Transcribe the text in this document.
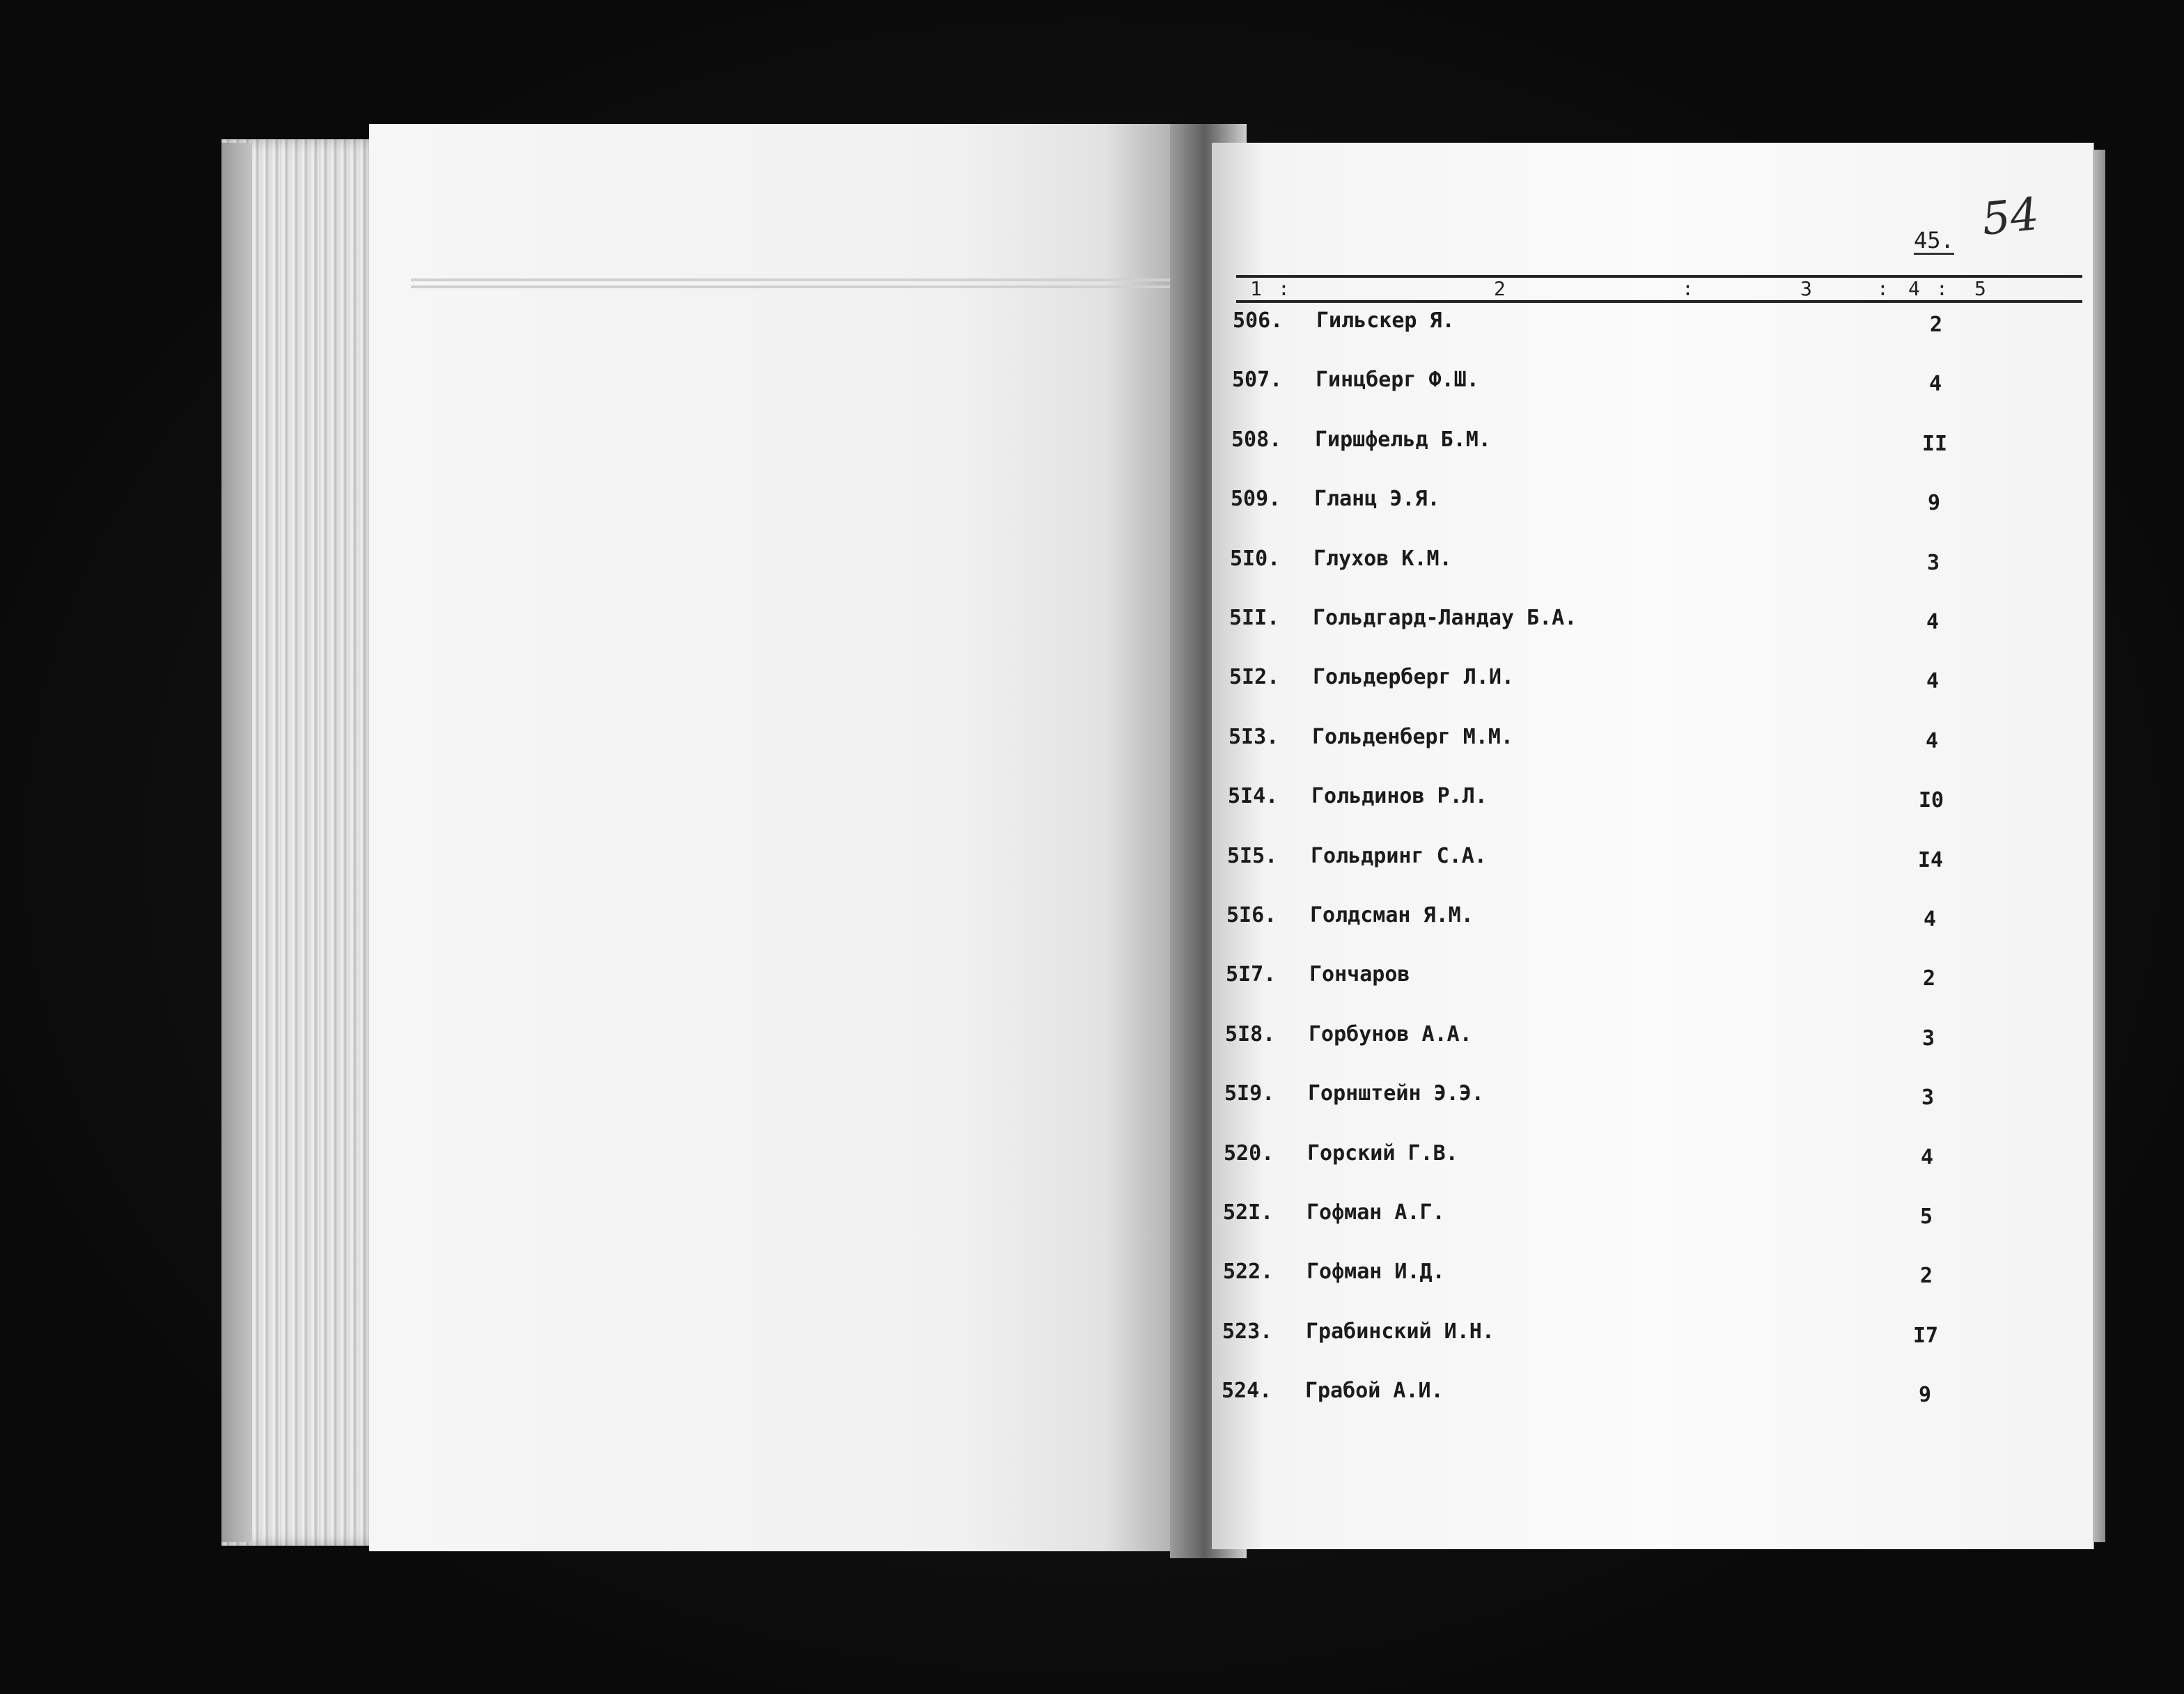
54
45.
1 :	2	:	3	: 4 : 5
506. Гильскер Я.	2
507. Гинцберг Ф.Ш.	4
508. Гиршфельд Б.М.	II
509. Гланц Э.Я.	9
5I0. Глухов К.М.	3
5II. Гольдгард-Ландау Б.А.	4
5I2. Гольдерберг Л.И.	4
5I3. Гольденберг М.М.	4
5I4. Гольдинов Р.Л.	I0
5I5. Гольдринг С.А.	I4
5I6. Голдсман Я.М.	4
5I7. Гончаров	2
5I8. Горбунов А.А.	3
5I9. Горнштейн Э.Э.	3
520. Горский Г.В.	4
52I. Гофман А.Г.	5
522. Гофман И.Д.	2
523. Грабинский И.Н.	I7
524. Грабой А.И.	9
